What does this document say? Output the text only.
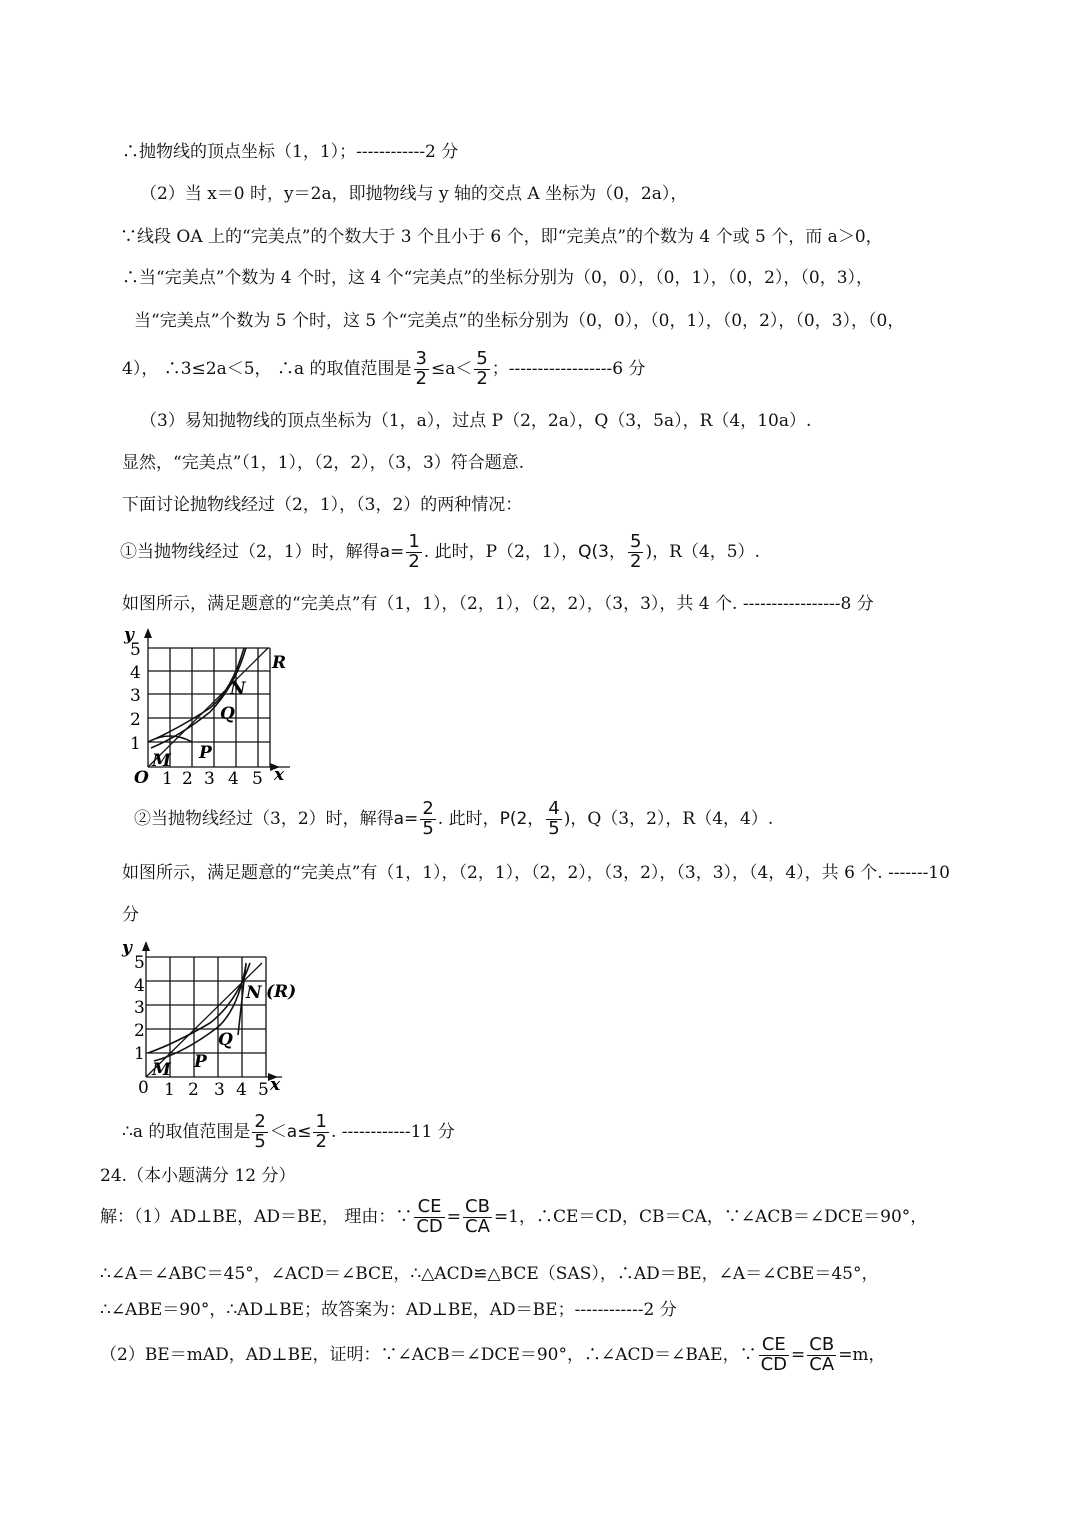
∴抛物线的顶点坐标（1，1）；------------2 分
（2）当 x＝0 时，y＝2a，即抛物线与 y 轴的交点 A 坐标为（0，2a），
∵线段 OA 上的“完美点”的个数大于 3 个且小于 6 个，即“完美点”的个数为 4 个或 5 个，而 a＞0，
∴当“完美点”个数为 4 个时，这 4 个“完美点”的坐标分别为（0，0），（0，1），（0，2），（0，3），
当“完美点”个数为 5 个时，这 5 个“完美点”的坐标分别为（0，0），（0，1），（0，2），（0，3），（0，
4）， ∴3≤2a＜5， ∴a 的取值范围是 $\frac{3}{2} \le a< \frac{5}{2}$ ；------------------6 分
（3）易知抛物线的顶点坐标为（1，a），过点 P（2，2a），Q（3，5a），R（4，10a）.
显然，“完美点”（1，1），（2，2），（3，3）符合题意.
下面讨论抛物线经过（2，1），（3，2）的两种情况：
①当抛物线经过（2，1）时，解得$a= \frac{1}{2}$ . 此时，P（2，1），Q(3， $\frac{5}{2}$ )，R（4，5）.
如图所示，满足题意的“完美点”有（1，1），（2，1），（2，2），（3，3），共 4 个. -----------------8 分
y
x
O 1 2 3 4 5
1
2
3
4
5
M P
Q
N
R
②当抛物线经过（3，2）时，解得$a= \frac{2}{5}$ . 此时，P(2， $\frac{4}{5}$ )，Q（3，2），R（4，4）.
如图所示，满足题意的“完美点”有（1，1），（2，1），（2，2），（3，2），（3，3），（4，4），共 6 个. -------10
分
y
x
0 1 2 3 4 5
1
2
3
4
5
M P
Q
N (R)
∴a 的取值范围是 $\frac{2}{5} <a\le \frac{1}{2}$ . ------------11 分
24.（本小题满分 12 分）
解：（1）AD⊥BE，AD＝BE， 理由：∵ $\frac{CE}{CD} = \frac{CB}{CA} =1$，∴CE＝CD，CB＝CA，∵∠ACB＝∠DCE＝90°，
∴∠A＝∠ABC＝45°，∠ACD＝∠BCE，∴△ACD≌△BCE（SAS），∴AD＝BE，∠A＝∠CBE＝45°，
∴∠ABE＝90°，∴AD⊥BE；故答案为：AD⊥BE，AD＝BE；------------2 分
（2）BE＝mAD，AD⊥BE，证明：∵∠ACB＝∠DCE＝90°，∴∠ACD＝∠BAE，∵ $\frac{CE}{CD} = \frac{CB}{CA} =m$，
